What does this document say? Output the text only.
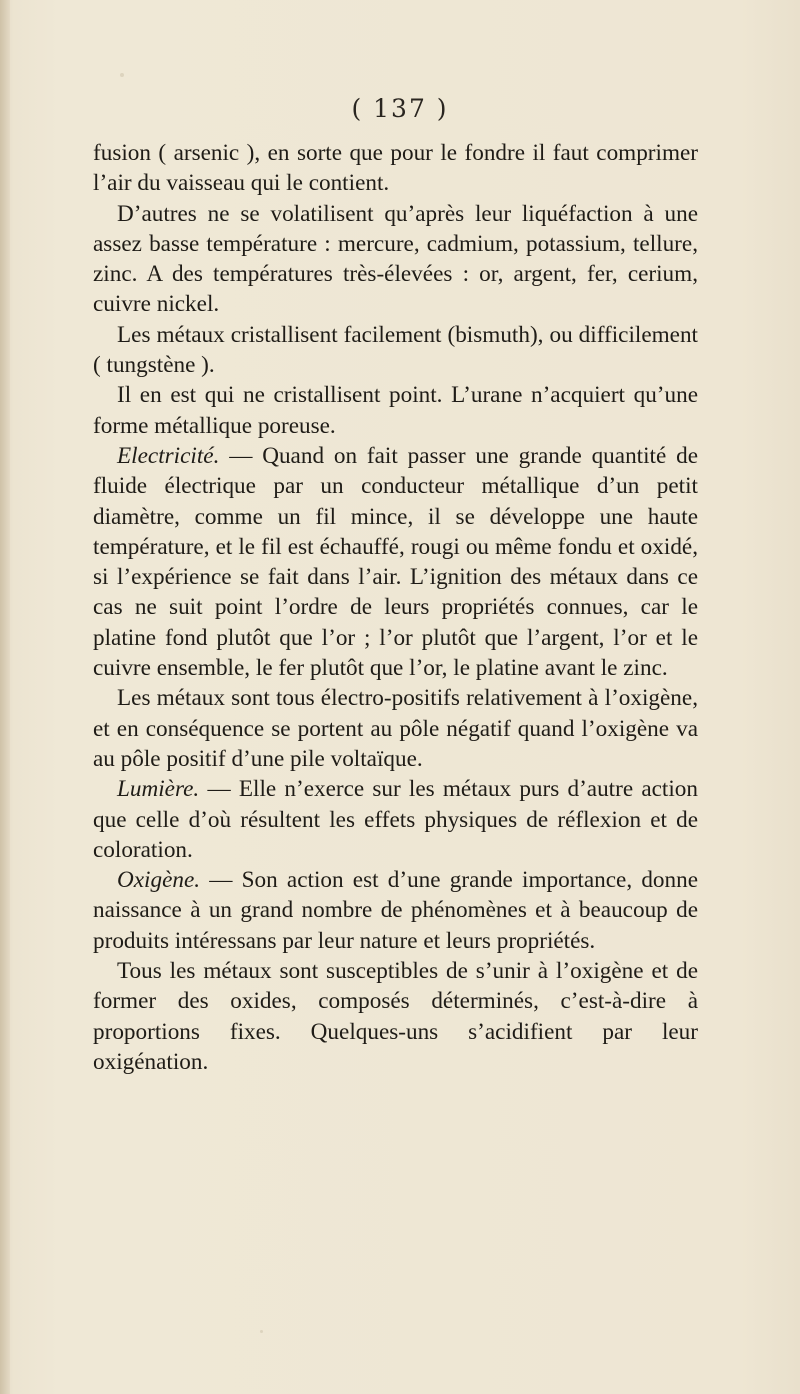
( 137 )

fusion ( arsenic ), en sorte que pour le fondre il faut comprimer l’air du vaisseau qui le contient.

D’autres ne se volatilisent qu’après leur liquéfaction à une assez basse température : mercure, cadmium, potassium, tellure, zinc. A des températures très-élevées : or, argent, fer, cerium, cuivre nickel.

Les métaux cristallisent facilement (bismuth), ou difficilement ( tungstène ).

Il en est qui ne cristallisent point. L’urane n’acquiert qu’une forme métallique poreuse.

Electricité. — Quand on fait passer une grande quantité de fluide électrique par un conducteur métallique d’un petit diamètre, comme un fil mince, il se développe une haute température, et le fil est échauffé, rougi ou même fondu et oxidé, si l’expérience se fait dans l’air. L’ignition des métaux dans ce cas ne suit point l’ordre de leurs propriétés connues, car le platine fond plutôt que l’or ; l’or plutôt que l’argent, l’or et le cuivre ensemble, le fer plutôt que l’or, le platine avant le zinc.

Les métaux sont tous électro-positifs relativement à l’oxigène, et en conséquence se portent au pôle négatif quand l’oxigène va au pôle positif d’une pile voltaïque.

Lumière. — Elle n’exerce sur les métaux purs d’autre action que celle d’où résultent les effets physiques de réflexion et de coloration.

Oxigène. — Son action est d’une grande importance, donne naissance à un grand nombre de phénomènes et à beaucoup de produits intéressans par leur nature et leurs propriétés.

Tous les métaux sont susceptibles de s’unir à l’oxigène et de former des oxides, composés déterminés, c’est-à-dire à proportions fixes. Quelques-uns s’acidifient par leur oxigénation.
